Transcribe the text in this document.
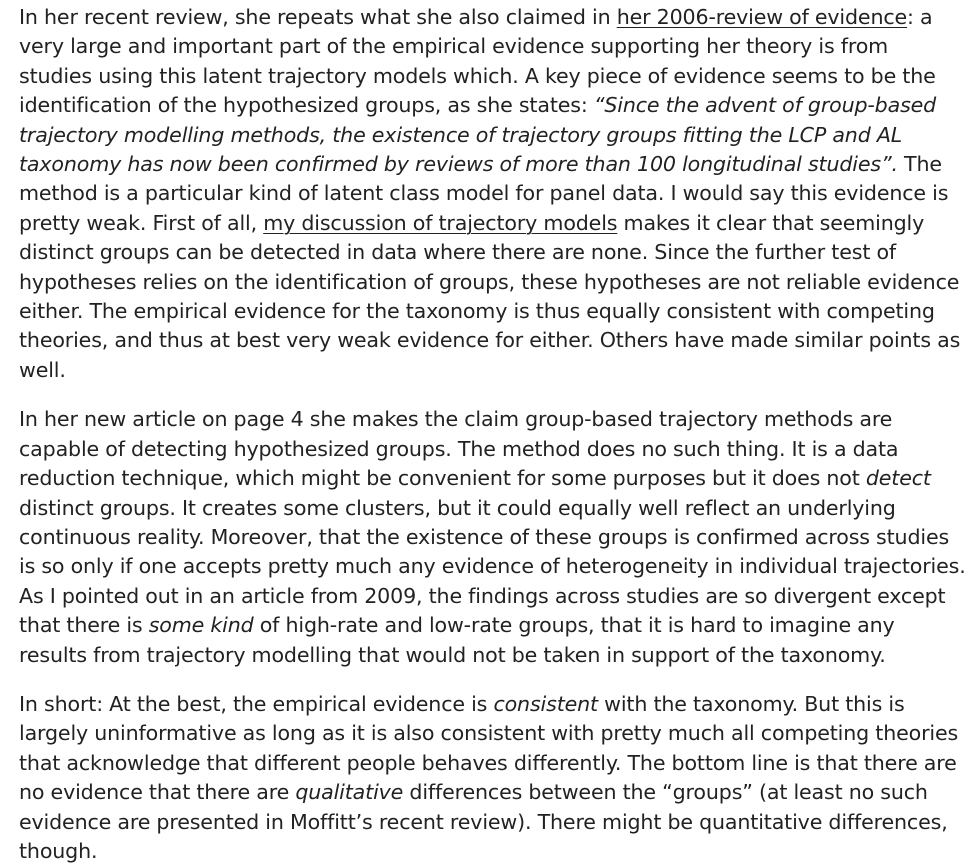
In her recent review, she repeats what she also claimed in her 2006-review of evidence: a very large and important part of the empirical evidence supporting her theory is from studies using this latent trajectory models which. A key piece of evidence seems to be the identification of the hypothesized groups, as she states: “Since the advent of group-based trajectory modelling methods, the existence of trajectory groups fitting the LCP and AL taxonomy has now been confirmed by reviews of more than 100 longitudinal studies”. The method is a particular kind of latent class model for panel data. I would say this evidence is pretty weak. First of all, my discussion of trajectory models makes it clear that seemingly distinct groups can be detected in data where there are none. Since the further test of hypotheses relies on the identification of groups, these hypotheses are not reliable evidence either. The empirical evidence for the taxonomy is thus equally consistent with competing theories, and thus at best very weak evidence for either. Others have made similar points as well.

In her new article on page 4 she makes the claim group-based trajectory methods are capable of detecting hypothesized groups. The method does no such thing. It is a data reduction technique, which might be convenient for some purposes but it does not detect distinct groups. It creates some clusters, but it could equally well reflect an underlying continuous reality. Moreover, that the existence of these groups is confirmed across studies is so only if one accepts pretty much any evidence of heterogeneity in individual trajectories. As I pointed out in an article from 2009, the findings across studies are so divergent except that there is some kind of high-rate and low-rate groups, that it is hard to imagine any results from trajectory modelling that would not be taken in support of the taxonomy.

In short: At the best, the empirical evidence is consistent with the taxonomy. But this is largely uninformative as long as it is also consistent with pretty much all competing theories that acknowledge that different people behaves differently. The bottom line is that there are no evidence that there are qualitative differences between the “groups” (at least no such evidence are presented in Moffitt’s recent review). There might be quantitative differences, though.
